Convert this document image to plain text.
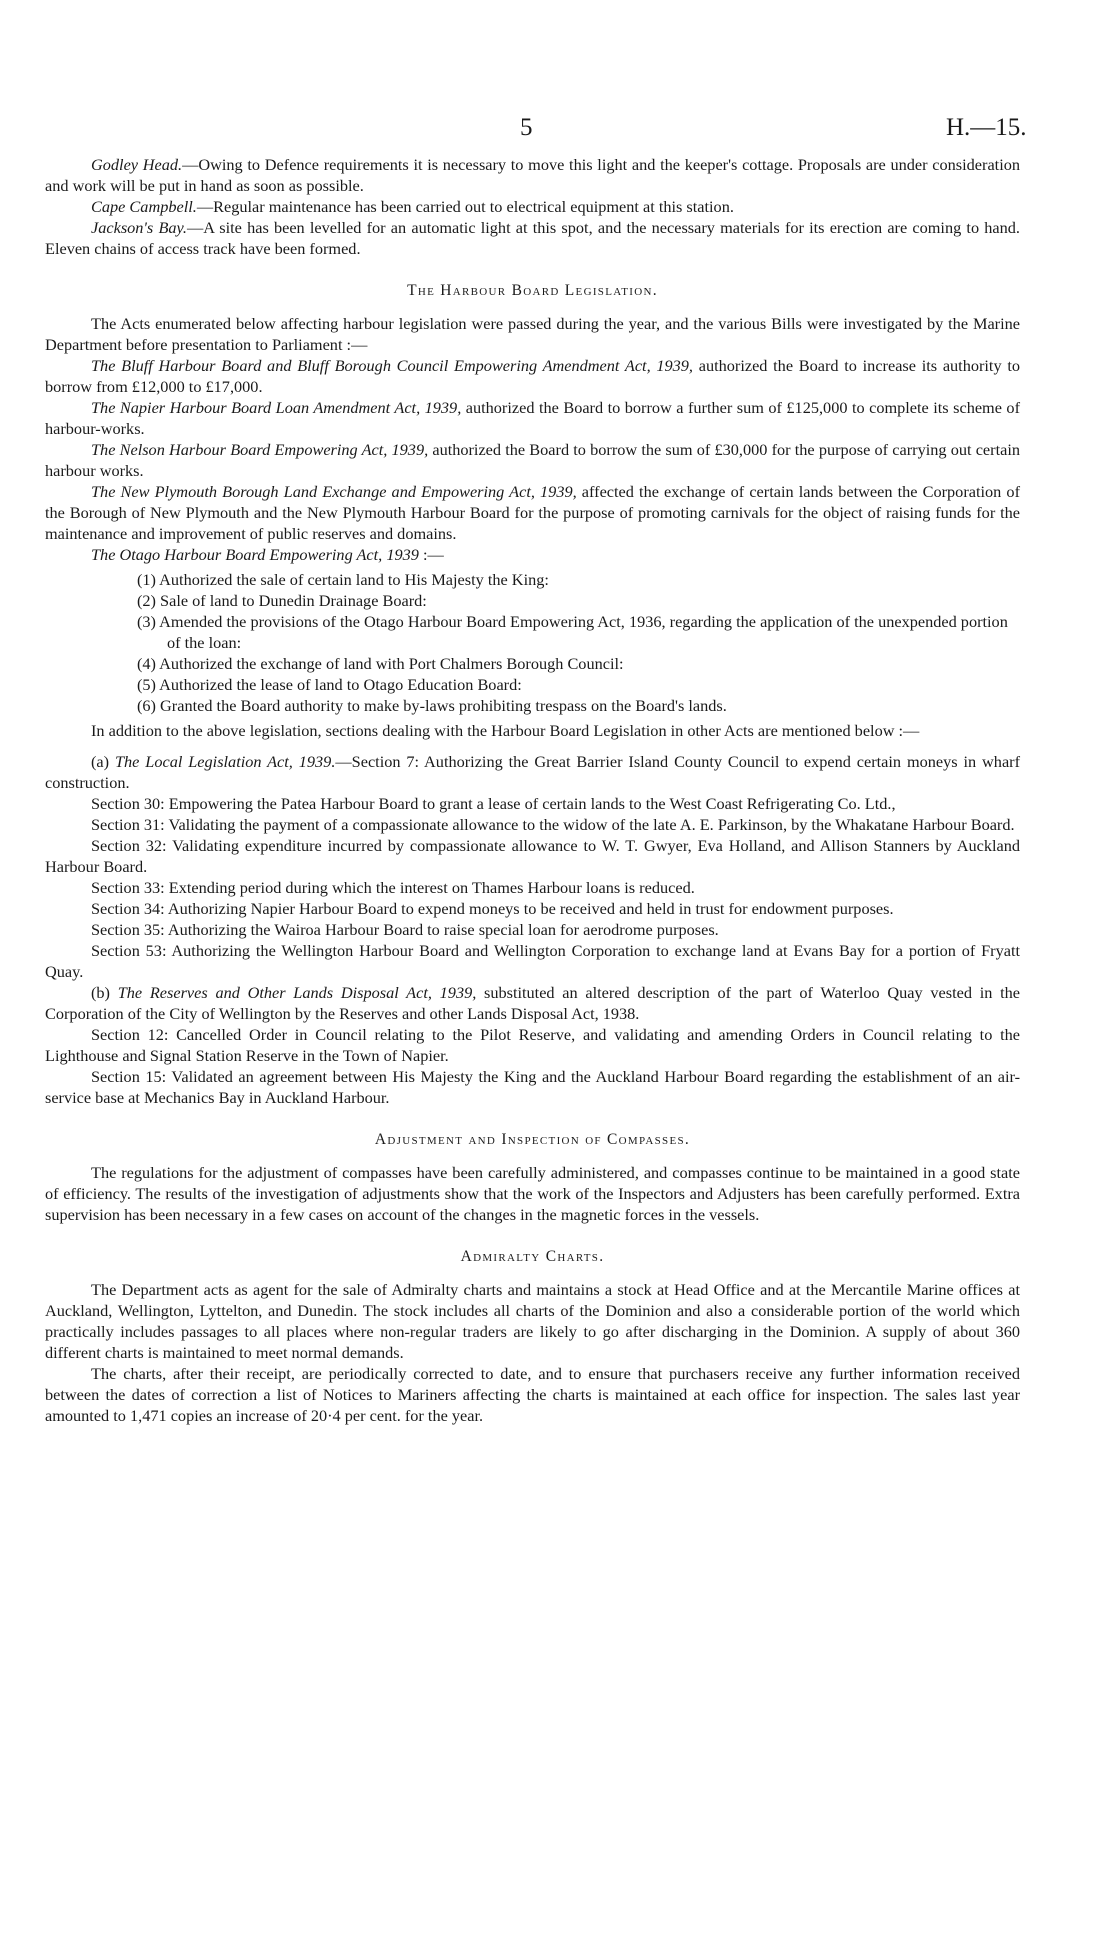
5	H.—15.

Godley Head.—Owing to Defence requirements it is necessary to move this light and the keeper's cottage. Proposals are under consideration and work will be put in hand as soon as possible.

Cape Campbell.—Regular maintenance has been carried out to electrical equipment at this station.

Jackson's Bay.—A site has been levelled for an automatic light at this spot, and the necessary materials for its erection are coming to hand. Eleven chains of access track have been formed.

The Harbour Board Legislation.

The Acts enumerated below affecting harbour legislation were passed during the year, and the various Bills were investigated by the Marine Department before presentation to Parliament :—

The Bluff Harbour Board and Bluff Borough Council Empowering Amendment Act, 1939, authorized the Board to increase its authority to borrow from £12,000 to £17,000.

The Napier Harbour Board Loan Amendment Act, 1939, authorized the Board to borrow a further sum of £125,000 to complete its scheme of harbour-works.

The Nelson Harbour Board Empowering Act, 1939, authorized the Board to borrow the sum of £30,000 for the purpose of carrying out certain harbour works.

The New Plymouth Borough Land Exchange and Empowering Act, 1939, affected the exchange of certain lands between the Corporation of the Borough of New Plymouth and the New Plymouth Harbour Board for the purpose of promoting carnivals for the object of raising funds for the maintenance and improvement of public reserves and domains.

The Otago Harbour Board Empowering Act, 1939 :—

(1) Authorized the sale of certain land to His Majesty the King:
(2) Sale of land to Dunedin Drainage Board:
(3) Amended the provisions of the Otago Harbour Board Empowering Act, 1936, regarding the application of the unexpended portion of the loan:
(4) Authorized the exchange of land with Port Chalmers Borough Council:
(5) Authorized the lease of land to Otago Education Board:
(6) Granted the Board authority to make by-laws prohibiting trespass on the Board's lands.

In addition to the above legislation, sections dealing with the Harbour Board Legislation in other Acts are mentioned below :—

(a) The Local Legislation Act, 1939.—Section 7: Authorizing the Great Barrier Island County Council to expend certain moneys in wharf construction.

Section 30: Empowering the Patea Harbour Board to grant a lease of certain lands to the West Coast Refrigerating Co. Ltd.,

Section 31: Validating the payment of a compassionate allowance to the widow of the late A. E. Parkinson, by the Whakatane Harbour Board.

Section 32: Validating expenditure incurred by compassionate allowance to W. T. Gwyer, Eva Holland, and Allison Stanners by Auckland Harbour Board.

Section 33: Extending period during which the interest on Thames Harbour loans is reduced.

Section 34: Authorizing Napier Harbour Board to expend moneys to be received and held in trust for endowment purposes.

Section 35: Authorizing the Wairoa Harbour Board to raise special loan for aerodrome purposes.

Section 53: Authorizing the Wellington Harbour Board and Wellington Corporation to exchange land at Evans Bay for a portion of Fryatt Quay.

(b) The Reserves and Other Lands Disposal Act, 1939, substituted an altered description of the part of Waterloo Quay vested in the Corporation of the City of Wellington by the Reserves and other Lands Disposal Act, 1938.

Section 12: Cancelled Order in Council relating to the Pilot Reserve, and validating and amending Orders in Council relating to the Lighthouse and Signal Station Reserve in the Town of Napier.

Section 15: Validated an agreement between His Majesty the King and the Auckland Harbour Board regarding the establishment of an air-service base at Mechanics Bay in Auckland Harbour.

Adjustment and Inspection of Compasses.

The regulations for the adjustment of compasses have been carefully administered, and compasses continue to be maintained in a good state of efficiency. The results of the investigation of adjustments show that the work of the Inspectors and Adjusters has been carefully performed. Extra supervision has been necessary in a few cases on account of the changes in the magnetic forces in the vessels.

Admiralty Charts.

The Department acts as agent for the sale of Admiralty charts and maintains a stock at Head Office and at the Mercantile Marine offices at Auckland, Wellington, Lyttelton, and Dunedin. The stock includes all charts of the Dominion and also a considerable portion of the world which practically includes passages to all places where non-regular traders are likely to go after discharging in the Dominion. A supply of about 360 different charts is maintained to meet normal demands.

The charts, after their receipt, are periodically corrected to date, and to ensure that purchasers receive any further information received between the dates of correction a list of Notices to Mariners affecting the charts is maintained at each office for inspection. The sales last year amounted to 1,471 copies an increase of 20·4 per cent. for the year.
